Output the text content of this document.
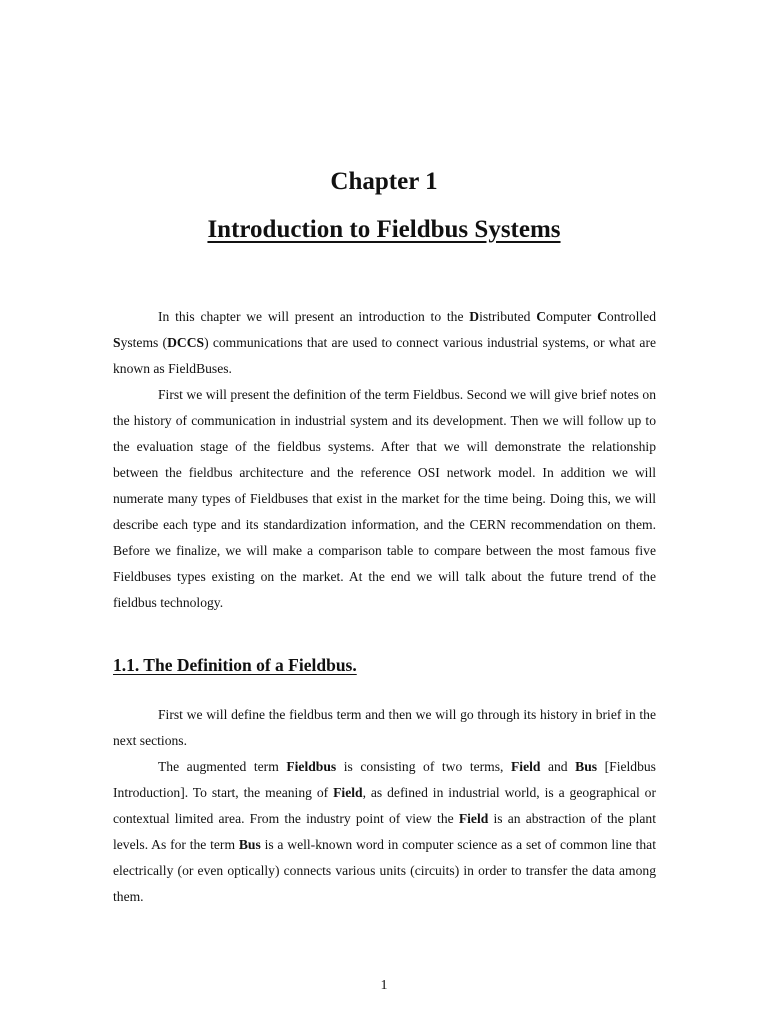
Chapter 1
Introduction to Fieldbus Systems

In this chapter we will present an introduction to the Distributed Computer Controlled Systems (DCCS) communications that are used to connect various industrial systems, or what are known as FieldBuses.

First we will present the definition of the term Fieldbus. Second we will give brief notes on the history of communication in industrial system and its development. Then we will follow up to the evaluation stage of the fieldbus systems. After that we will demonstrate the relationship between the fieldbus architecture and the reference OSI network model. In addition we will numerate many types of Fieldbuses that exist in the market for the time being. Doing this, we will describe each type and its standardization information, and the CERN recommendation on them. Before we finalize, we will make a comparison table to compare between the most famous five Fieldbuses types existing on the market. At the end we will talk about the future trend of the fieldbus technology.

1.1. The Definition of a Fieldbus.

First we will define the fieldbus term and then we will go through its history in brief in the next sections.

The augmented term Fieldbus is consisting of two terms, Field and Bus [Fieldbus Introduction]. To start, the meaning of Field, as defined in industrial world, is a geographical or contextual limited area. From the industry point of view the Field is an abstraction of the plant levels. As for the term Bus is a well-known word in computer science as a set of common line that electrically (or even optically) connects various units (circuits) in order to transfer the data among them.

1
